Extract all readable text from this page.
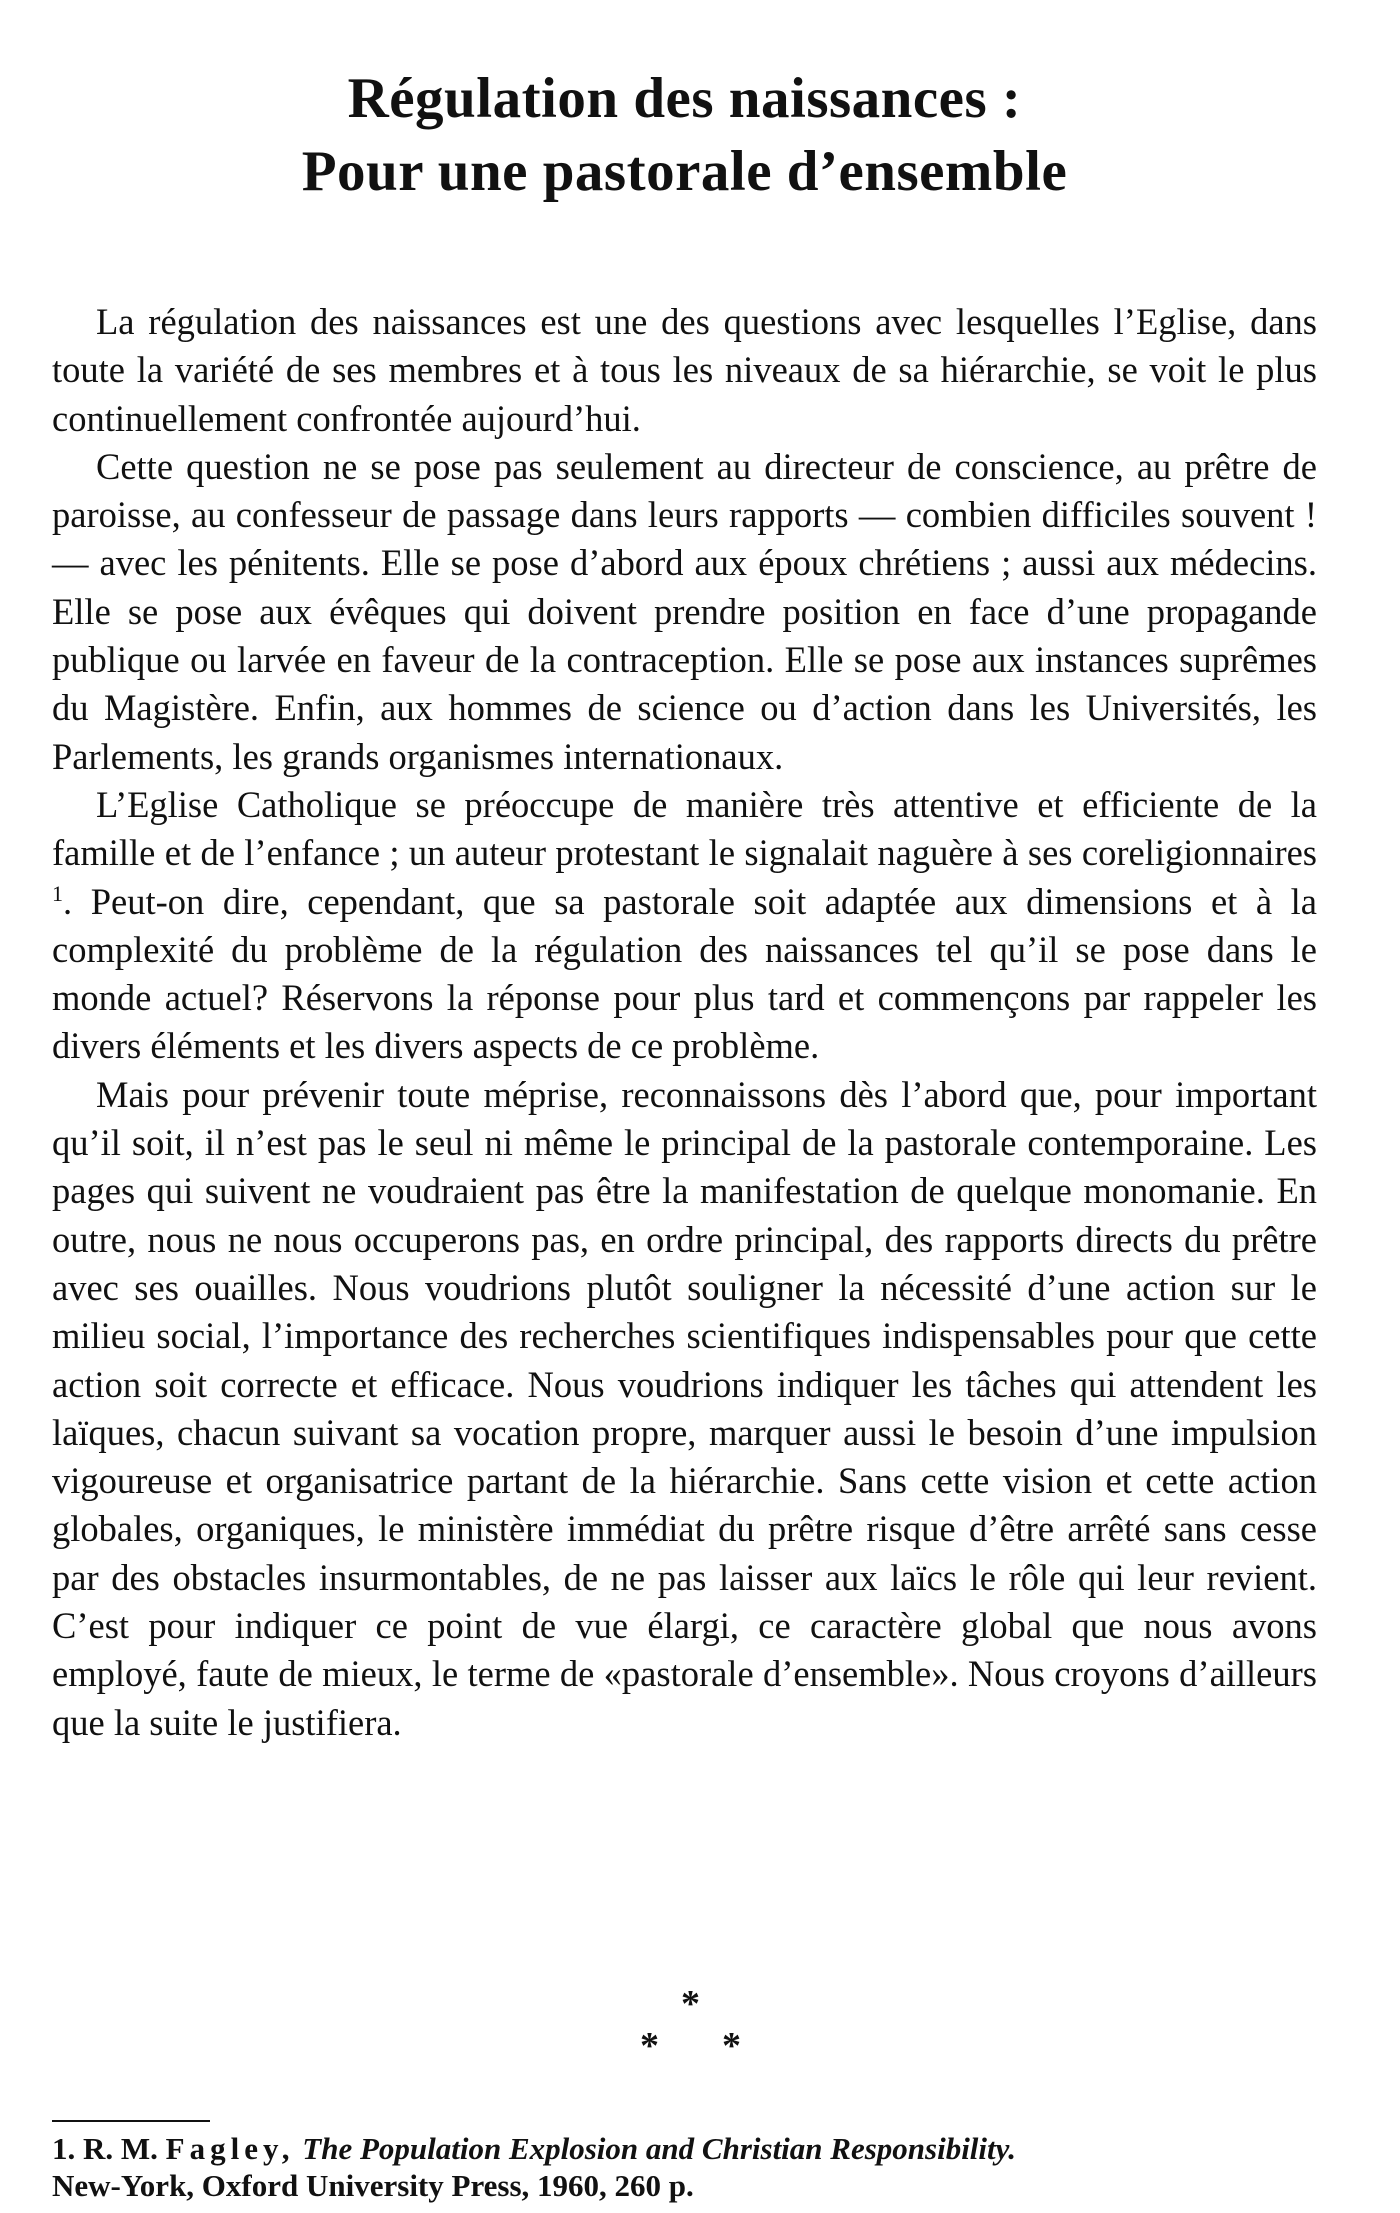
Régulation des naissances :
Pour une pastorale d’ensemble

La régulation des naissances est une des questions avec lesquelles l’Eglise, dans toute la variété de ses membres et à tous les niveaux de sa hiérarchie, se voit le plus continuellement confrontée aujourd’hui.

Cette question ne se pose pas seulement au directeur de conscience, au prêtre de paroisse, au confesseur de passage dans leurs rapports — combien difficiles souvent ! — avec les pénitents. Elle se pose d’abord aux époux chrétiens ; aussi aux médecins. Elle se pose aux évêques qui doivent prendre position en face d’une propagande publique ou larvée en faveur de la contraception. Elle se pose aux instances suprêmes du Magistère. Enfin, aux hommes de science ou d’action dans les Universités, les Parlements, les grands organismes internationaux.

L’Eglise Catholique se préoccupe de manière très attentive et efficiente de la famille et de l’enfance ; un auteur protestant le signalait naguère à ses coreligionnaires $^1$. Peut-on dire, cependant, que sa pastorale soit adaptée aux dimensions et à la complexité du problème de la régulation des naissances tel qu’il se pose dans le monde actuel? Réservons la réponse pour plus tard et commençons par rappeler les divers éléments et les divers aspects de ce problème.

Mais pour prévenir toute méprise, reconnaissons dès l’abord que, pour important qu’il soit, il n’est pas le seul ni même le principal de la pastorale contemporaine. Les pages qui suivent ne voudraient pas être la manifestation de quelque monomanie. En outre, nous ne nous occuperons pas, en ordre principal, des rapports directs du prêtre avec ses ouailles. Nous voudrions plutôt souligner la nécessité d’une action sur le milieu social, l’importance des recherches scientifiques indispensables pour que cette action soit correcte et efficace. Nous voudrions indiquer les tâches qui attendent les laïques, chacun suivant sa vocation propre, marquer aussi le besoin d’une impulsion vigoureuse et organisatrice partant de la hiérarchie. Sans cette vision et cette action globales, organiques, le ministère immédiat du prêtre risque d’être arrêté sans cesse par des obstacles insurmontables, de ne pas laisser aux laïcs le rôle qui leur revient. C’est pour indiquer ce point de vue élargi, ce caractère global que nous avons employé, faute de mieux, le terme de «pastorale d’ensemble». Nous croyons d’ailleurs que la suite le justifiera.

*
* *
1. R. M. Fagley, The Population Explosion and Christian Responsibility.
New-York, Oxford University Press, 1960, 260 p.
